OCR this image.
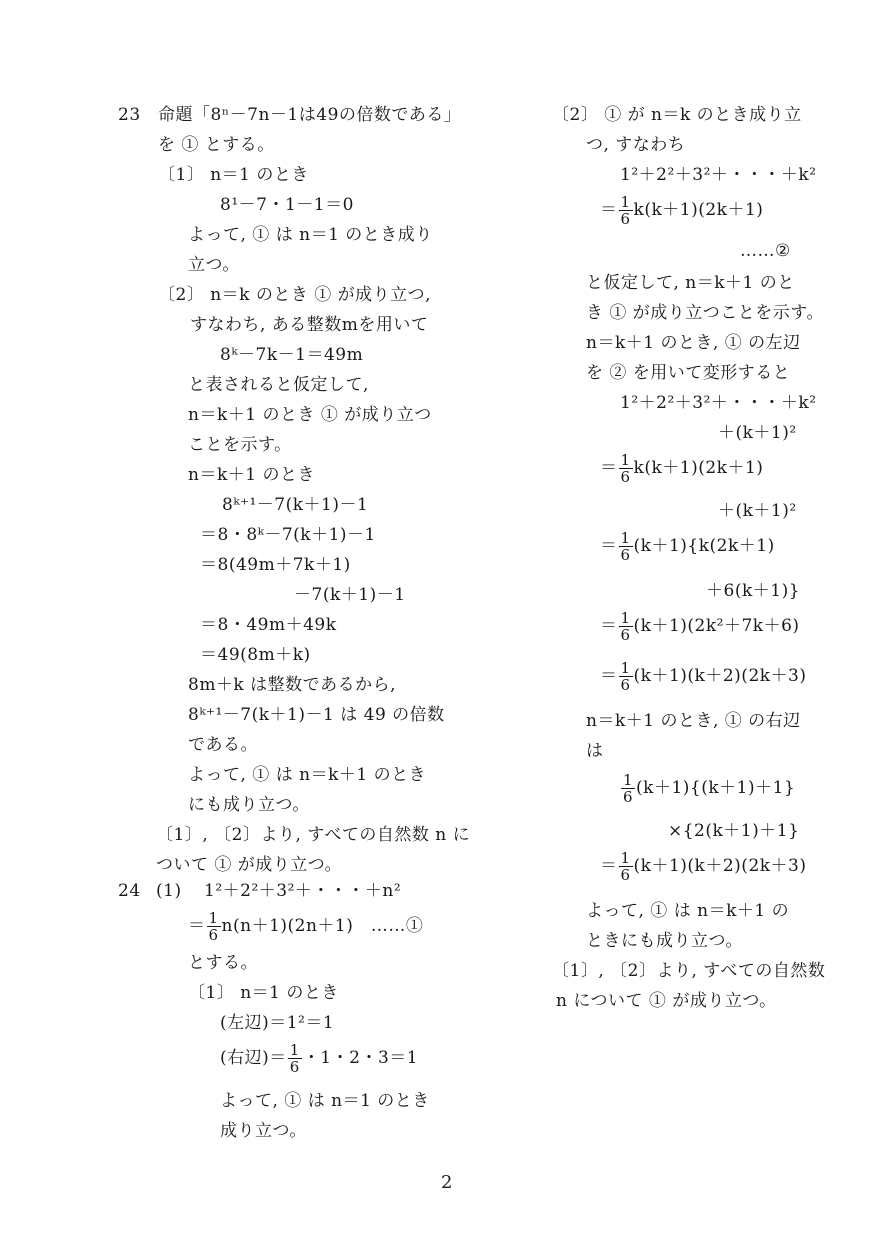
23 命題「8ⁿ－7n－1は49の倍数である」
を ① とする。
〔1〕 n＝1 のとき
8¹－7・1－1＝0
よって, ① は n＝1 のとき成り
立つ。
〔2〕 n＝k のとき ① が成り立つ,
すなわち, ある整数mを用いて
8ᵏ－7k－1＝49m
と表されると仮定して,
n＝k＋1 のとき ① が成り立つ
ことを示す。
n＝k＋1 のとき
8ᵏ⁺¹－7(k＋1)－1
＝8・8ᵏ－7(k＋1)－1
＝8(49m＋7k＋1)
－7(k＋1)－1
＝8・49m＋49k
＝49(8m＋k)
8m＋k は整数であるから,
8ᵏ⁺¹－7(k＋1)－1 は 49 の倍数
である。
よって, ① は n＝k＋1 のとき
にも成り立つ。
〔1〕, 〔2〕より, すべての自然数 n に
ついて ① が成り立つ。
24 (1) 1²＋2²＋3²＋・・・＋n²
＝ $\frac{1}{6} n(n+1)(2n+1)$　……①
とする。
〔1〕 n＝1 のとき
(左辺)＝1²＝1
(右辺)＝ $\frac{1}{6}$ ・1・2・3＝1
よって, ① は n＝1 のとき
成り立つ。
〔2〕 ① が n＝k のとき成り立
つ, すなわち
1²＋2²＋3²＋・・・＋k²
＝ $\frac{1}{6} k(k+1)(2k+1)$
……②
と仮定して, n＝k＋1 のと
き ① が成り立つことを示す。
n＝k＋1 のとき, ① の左辺
を ② を用いて変形すると
1²＋2²＋3²＋・・・＋k²
＋(k＋1)²
＝ $\frac{1}{6} k(k+1)(2k+1)$
＋(k＋1)²
＝ $\frac{1}{6} (k+1)\{k(2k+1)$
＋6(k＋1)}
＝ $\frac{1}{6} (k+1)(2k^2+7k+6)$
＝ $\frac{1}{6} (k+1)(k+2)(2k+3)$
n＝k＋1 のとき, ① の右辺
は
$\frac{1}{6} (k+1)\{(k+1)+1\}$
×{2(k＋1)＋1}
＝ $\frac{1}{6} (k+1)(k+2)(2k+3)$
よって, ① は n＝k＋1 の
ときにも成り立つ。
〔1〕, 〔2〕より, すべての自然数
n について ① が成り立つ。
2
